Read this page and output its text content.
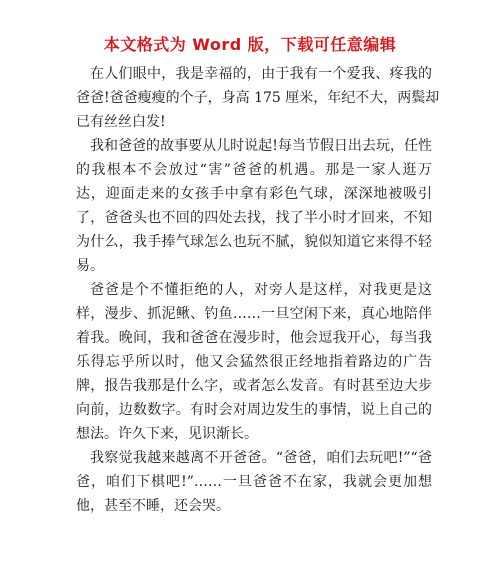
本文格式为 Word 版，下载可任意编辑
在人们眼中，我是幸福的，由于我有一个爱我、疼我的
爸爸!爸爸瘦瘦的个子，身高 175 厘米，年纪不大，两鬓却
已有丝丝白发!
我和爸爸的故事要从儿时说起!每当节假日出去玩，任性
的我根本不会放过“害”爸爸的机遇。那是一家人逛万
达，迎面走来的女孩手中拿有彩色气球，深深地被吸引
了，爸爸头也不回的四处去找，找了半小时才回来，不知
为什么，我手捧气球怎么也玩不腻，貌似知道它来得不轻
易。
爸爸是个不懂拒绝的人，对旁人是这样，对我更是这
样，漫步、抓泥鳅、钓鱼……一旦空闲下来，真心地陪伴
着我。晚间，我和爸爸在漫步时，他会逗我开心，每当我
乐得忘乎所以时，他又会猛然很正经地指着路边的广告
牌，报告我那是什么字，或者怎么发音。有时甚至边大步
向前，边数数字。有时会对周边发生的事情，说上自己的
想法。许久下来，见识渐长。
我察觉我越来越离不开爸爸。“爸爸，咱们去玩吧!”“爸
爸，咱们下棋吧!”……一旦爸爸不在家，我就会更加想
他，甚至不睡，还会哭。
